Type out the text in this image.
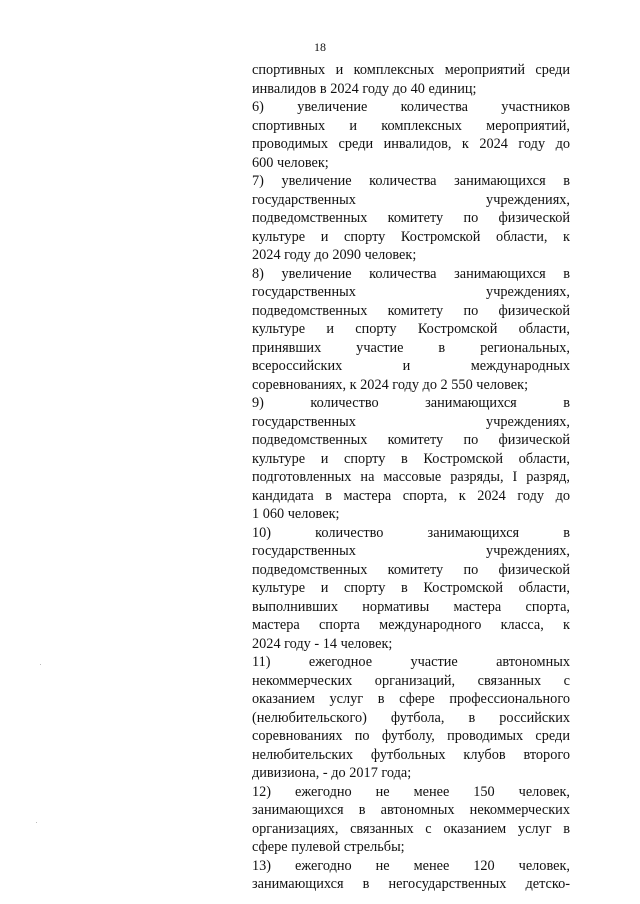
18
спортивных и комплексных мероприятий среди
инвалидов в 2024 году до 40 единиц;
6) увеличение количества участников
спортивных и комплексных мероприятий,
проводимых среди инвалидов, к 2024 году до
600 человек;
7) увеличение количества занимающихся в
государственных учреждениях,
подведомственных комитету по физической
культуре и спорту Костромской области, к
2024 году до 2090 человек;
8) увеличение количества занимающихся в
государственных учреждениях,
подведомственных комитету по физической
культуре и спорту Костромской области,
принявших участие в региональных,
всероссийских и международных
соревнованиях, к 2024 году до 2 550 человек;
9) количество занимающихся в
государственных учреждениях,
подведомственных комитету по физической
культуре и спорту в Костромской области,
подготовленных на массовые разряды, I разряд,
кандидата в мастера спорта, к 2024 году до
1 060 человек;
10) количество занимающихся в
государственных учреждениях,
подведомственных комитету по физической
культуре и спорту в Костромской области,
выполнивших нормативы мастера спорта,
мастера спорта международного класса, к
2024 году - 14 человек;
11) ежегодное участие автономных
некоммерческих организаций, связанных с
оказанием услуг в сфере профессионального
(нелюбительского) футбола, в российских
соревнованиях по футболу, проводимых среди
нелюбительских футбольных клубов второго
дивизиона, - до 2017 года;
12) ежегодно не менее 150 человек,
занимающихся в автономных некоммерческих
организациях, связанных с оказанием услуг в
сфере пулевой стрельбы;
13) ежегодно не менее 120 человек,
занимающихся в негосударственных детско-
